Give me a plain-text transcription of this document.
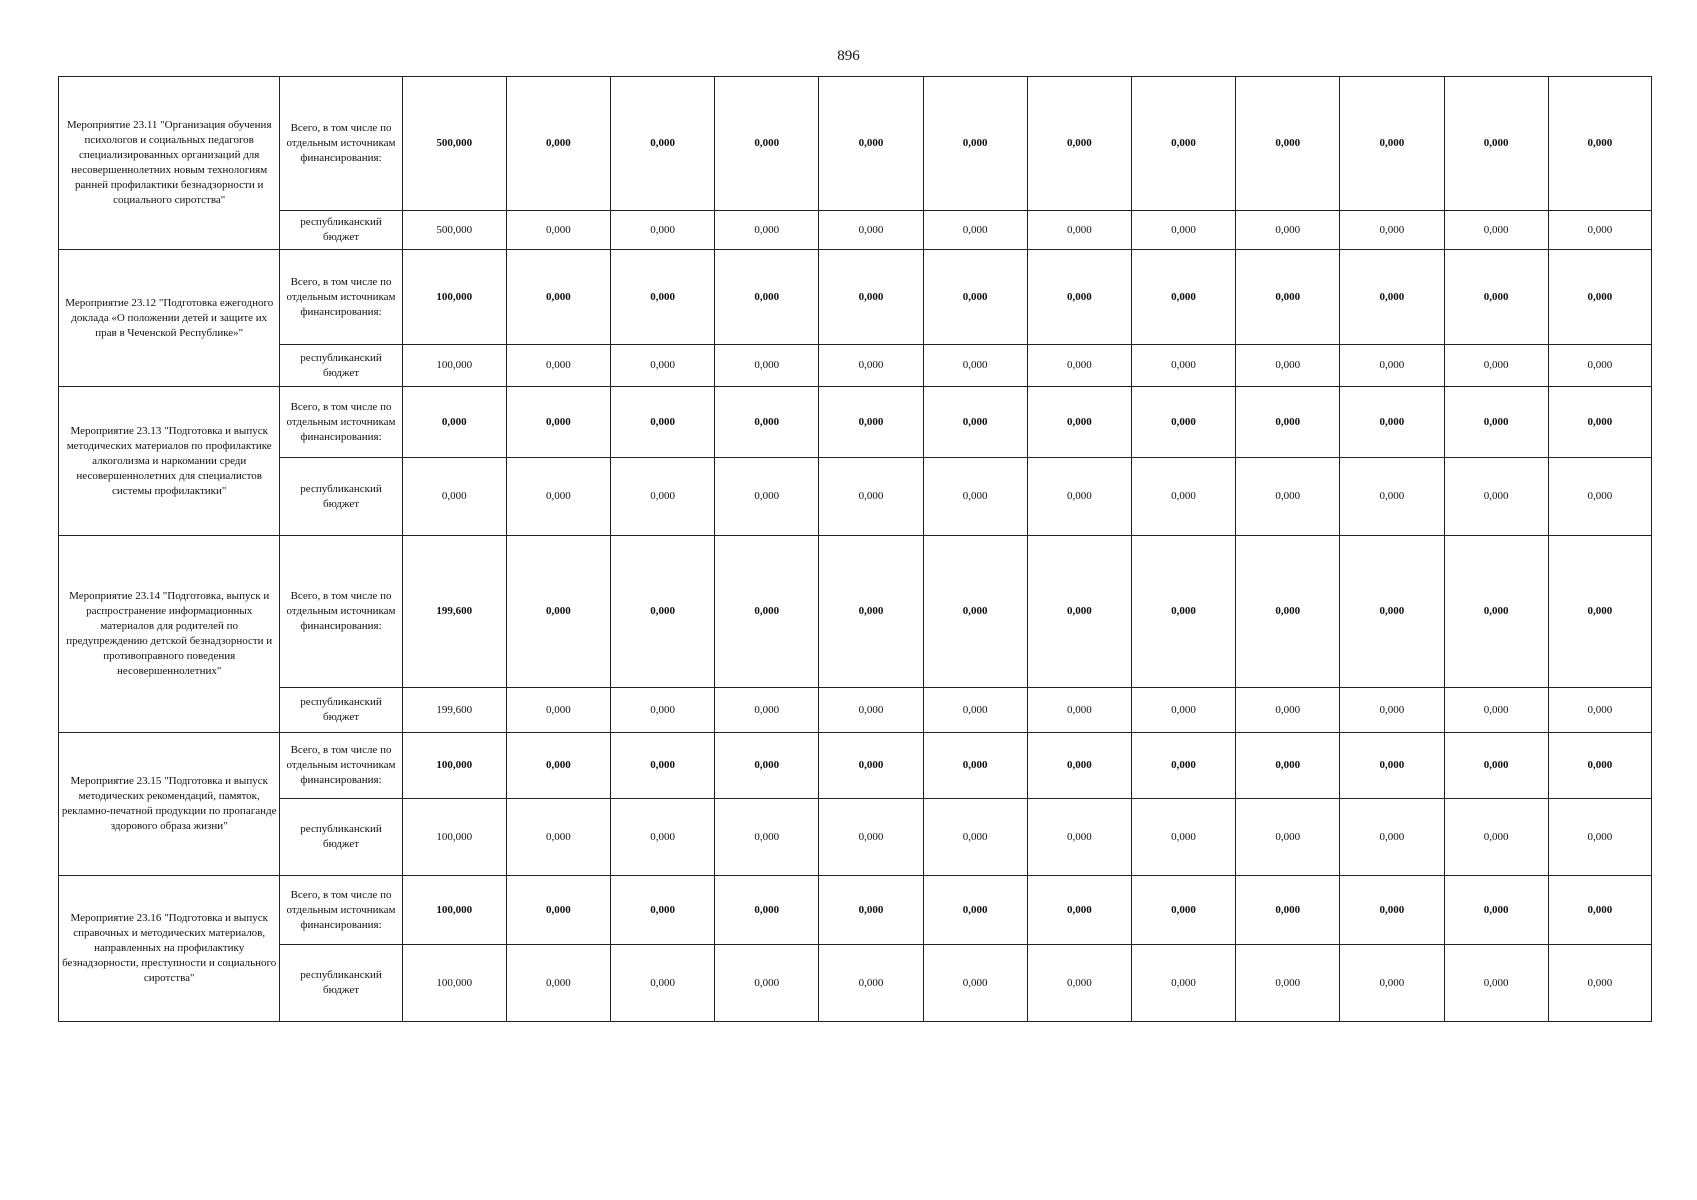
896
Мероприятие 23.11 "Организация обучения психологов и социальных педагогов специализированных организаций для несовершеннолетних новым технологиям ранней профилактики безнадзорности и социального сиротства"	Всего, в том числе по отдельным источникам финансирования:	500,000	0,000	0,000	0,000	0,000	0,000	0,000	0,000	0,000	0,000	0,000	0,000
	республиканский бюджет	500,000	0,000	0,000	0,000	0,000	0,000	0,000	0,000	0,000	0,000	0,000	0,000
Мероприятие 23.12 "Подготовка ежегодного доклада «О положении детей и защите их прав в Чеченской Республике»"	Всего, в том числе по отдельным источникам финансирования:	100,000	0,000	0,000	0,000	0,000	0,000	0,000	0,000	0,000	0,000	0,000	0,000
	республиканский бюджет	100,000	0,000	0,000	0,000	0,000	0,000	0,000	0,000	0,000	0,000	0,000	0,000
Мероприятие 23.13 "Подготовка и выпуск методических материалов по профилактике алкоголизма и наркомании среди несовершеннолетних для специалистов системы профилактики"	Всего, в том числе по отдельным источникам финансирования:	0,000	0,000	0,000	0,000	0,000	0,000	0,000	0,000	0,000	0,000	0,000	0,000
	республиканский бюджет	0,000	0,000	0,000	0,000	0,000	0,000	0,000	0,000	0,000	0,000	0,000	0,000
Мероприятие 23.14 "Подготовка, выпуск и распространение информационных материалов для родителей по предупреждению детской безнадзорности и противоправного поведения несовершеннолетних"	Всего, в том числе по отдельным источникам финансирования:	199,600	0,000	0,000	0,000	0,000	0,000	0,000	0,000	0,000	0,000	0,000	0,000
	республиканский бюджет	199,600	0,000	0,000	0,000	0,000	0,000	0,000	0,000	0,000	0,000	0,000	0,000
Мероприятие 23.15 "Подготовка и выпуск методических рекомендаций, памяток, рекламно-печатной продукции по пропаганде здорового образа жизни"	Всего, в том числе по отдельным источникам финансирования:	100,000	0,000	0,000	0,000	0,000	0,000	0,000	0,000	0,000	0,000	0,000	0,000
	республиканский бюджет	100,000	0,000	0,000	0,000	0,000	0,000	0,000	0,000	0,000	0,000	0,000	0,000
Мероприятие 23.16 "Подготовка и выпуск справочных и методических материалов, направленных на профилактику безнадзорности, преступности и социального сиротства"	Всего, в том числе по отдельным источникам финансирования:	100,000	0,000	0,000	0,000	0,000	0,000	0,000	0,000	0,000	0,000	0,000	0,000
	республиканский бюджет	100,000	0,000	0,000	0,000	0,000	0,000	0,000	0,000	0,000	0,000	0,000	0,000
